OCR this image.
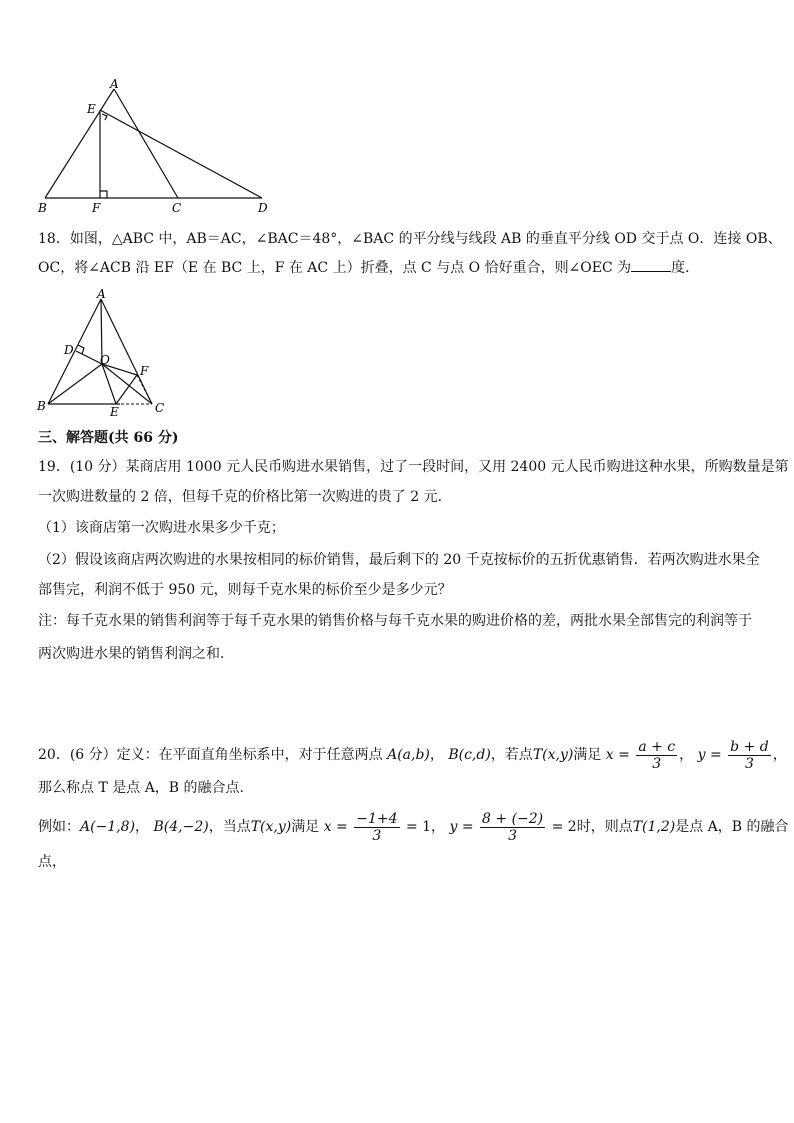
A
E
B	F	C	D
18．如图，△ABC 中，AB＝AC，∠BAC＝48°，∠BAC 的平分线与线段 AB 的垂直平分线 OD 交于点 O．连接 OB、
OC，将∠ACB 沿 EF（E 在 BC 上，F 在 AC 上）折叠，点 C 与点 O 恰好重合，则∠OEC 为	度．
A
D
O
F
B	E	C
三、解答题(共 66 分)
19．(10 分）某商店用 1000 元人民币购进水果销售，过了一段时间，又用 2400 元人民币购进这种水果，所购数量是第
一次购进数量的 2 倍，但每千克的价格比第一次购进的贵了 2 元．
（1）该商店第一次购进水果多少千克；
（2）假设该商店两次购进的水果按相同的标价销售，最后剩下的 20 千克按标价的五折优惠销售．若两次购进水果全
部售完，利润不低于 950 元，则每千克水果的标价至少是多少元？
注：每千克水果的销售利润等于每千克水果的销售价格与每千克水果的购进价格的差，两批水果全部售完的利润等于
两次购进水果的销售利润之和．
20．(6 分）定义：在平面直角坐标系中，对于任意两点 A(a,b)， B(c,d)，若点T(x,y)满足 $x = \frac{a + c}{3}$ ， $y = \frac{b + d}{3}$ ，
那么称点 T 是点 A，B 的融合点.
例如：A(−1,8)， B(4,−2)，当点T(x,y)满足 $x = \frac{-1+4}{3} = 1$， $y = \frac{8 + (-2)}{3} = 2$时，则点T(1,2)是点 A，B 的融合
点，
